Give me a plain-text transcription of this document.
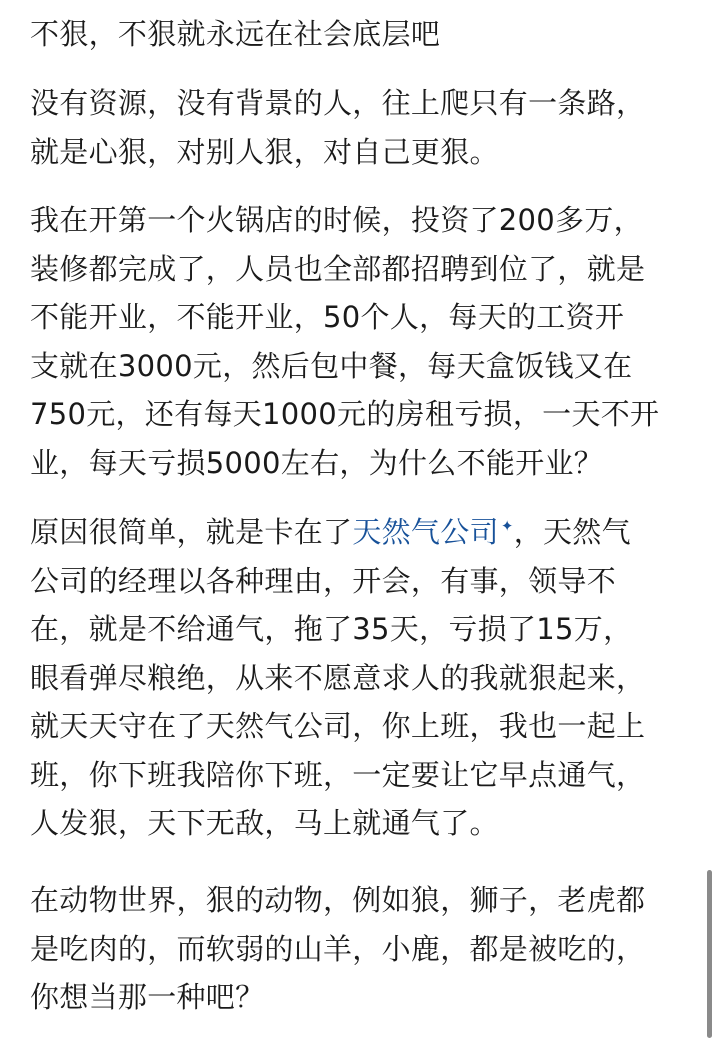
不狠，不狠就永远在社会底层吧

没有资源，没有背景的人，往上爬只有一条路，
就是心狠，对别人狠，对自己更狠。

我在开第一个火锅店的时候，投资了200多万，
装修都完成了，人员也全部都招聘到位了，就是
不能开业，不能开业，50个人，每天的工资开
支就在3000元，然后包中餐，每天盒饭钱又在
750元，还有每天1000元的房租亏损，一天不开
业，每天亏损5000左右，为什么不能开业？

原因很简单，就是卡在了天然气公司 ✦，天然气
公司的经理以各种理由，开会，有事，领导不
在，就是不给通气，拖了35天，亏损了15万，
眼看弹尽粮绝，从来不愿意求人的我就狠起来，
就天天守在了天然气公司，你上班，我也一起上
班，你下班我陪你下班，一定要让它早点通气，
人发狠，天下无敌，马上就通气了。

在动物世界，狠的动物，例如狼，狮子，老虎都
是吃肉的，而软弱的山羊，小鹿，都是被吃的，
你想当那一种吧？
